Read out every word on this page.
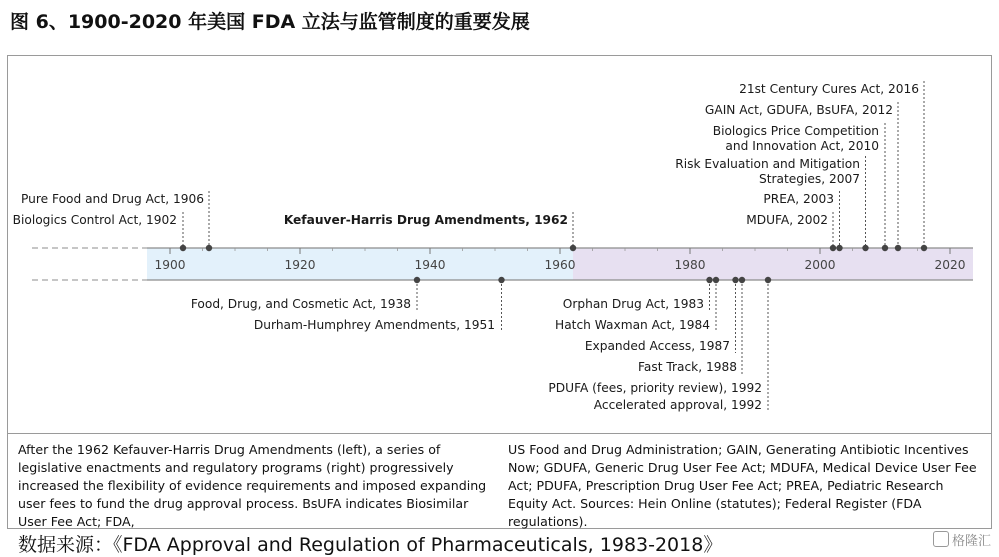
图 6、1900-2020 年美国 FDA 立法与监管制度的重要发展
1900	1920	1940	1960	1980	2000	2020
Biologics Control Act, 1902
Pure Food and Drug Act, 1906
Kefauver-Harris Drug Amendments, 1962	MDUFA, 2002
PREA, 2003
Risk Evaluation and Mitigation
Strategies, 2007
Biologics Price Competition
and Innovation Act, 2010
GAIN Act, GDUFA, BsUFA, 2012
21st Century Cures Act, 2016
Food, Drug, and Cosmetic Act, 1938
Durham-Humphrey Amendments, 1951
Orphan Drug Act, 1983
Hatch Waxman Act, 1984
Expanded Access, 1987
Fast Track, 1988
PDUFA (fees, priority review), 1992
Accelerated approval, 1992

After the 1962 Kefauver-Harris Drug Amendments (left), a series of legislative enactments and regulatory programs (right) progressively increased the flexibility of evidence requirements and imposed expanding user fees to fund the drug approval process. BsUFA indicates Biosimilar User Fee Act; FDA,

US Food and Drug Administration; GAIN, Generating Antibiotic Incentives Now; GDUFA, Generic Drug User Fee Act; MDUFA, Medical Device User Fee Act; PDUFA, Prescription Drug User Fee Act; PREA, Pediatric Research Equity Act. Sources: Hein Online (statutes); Federal Register (FDA regulations).

数据来源：《FDA Approval and Regulation of Pharmaceuticals, 1983-2018》	格隆汇
